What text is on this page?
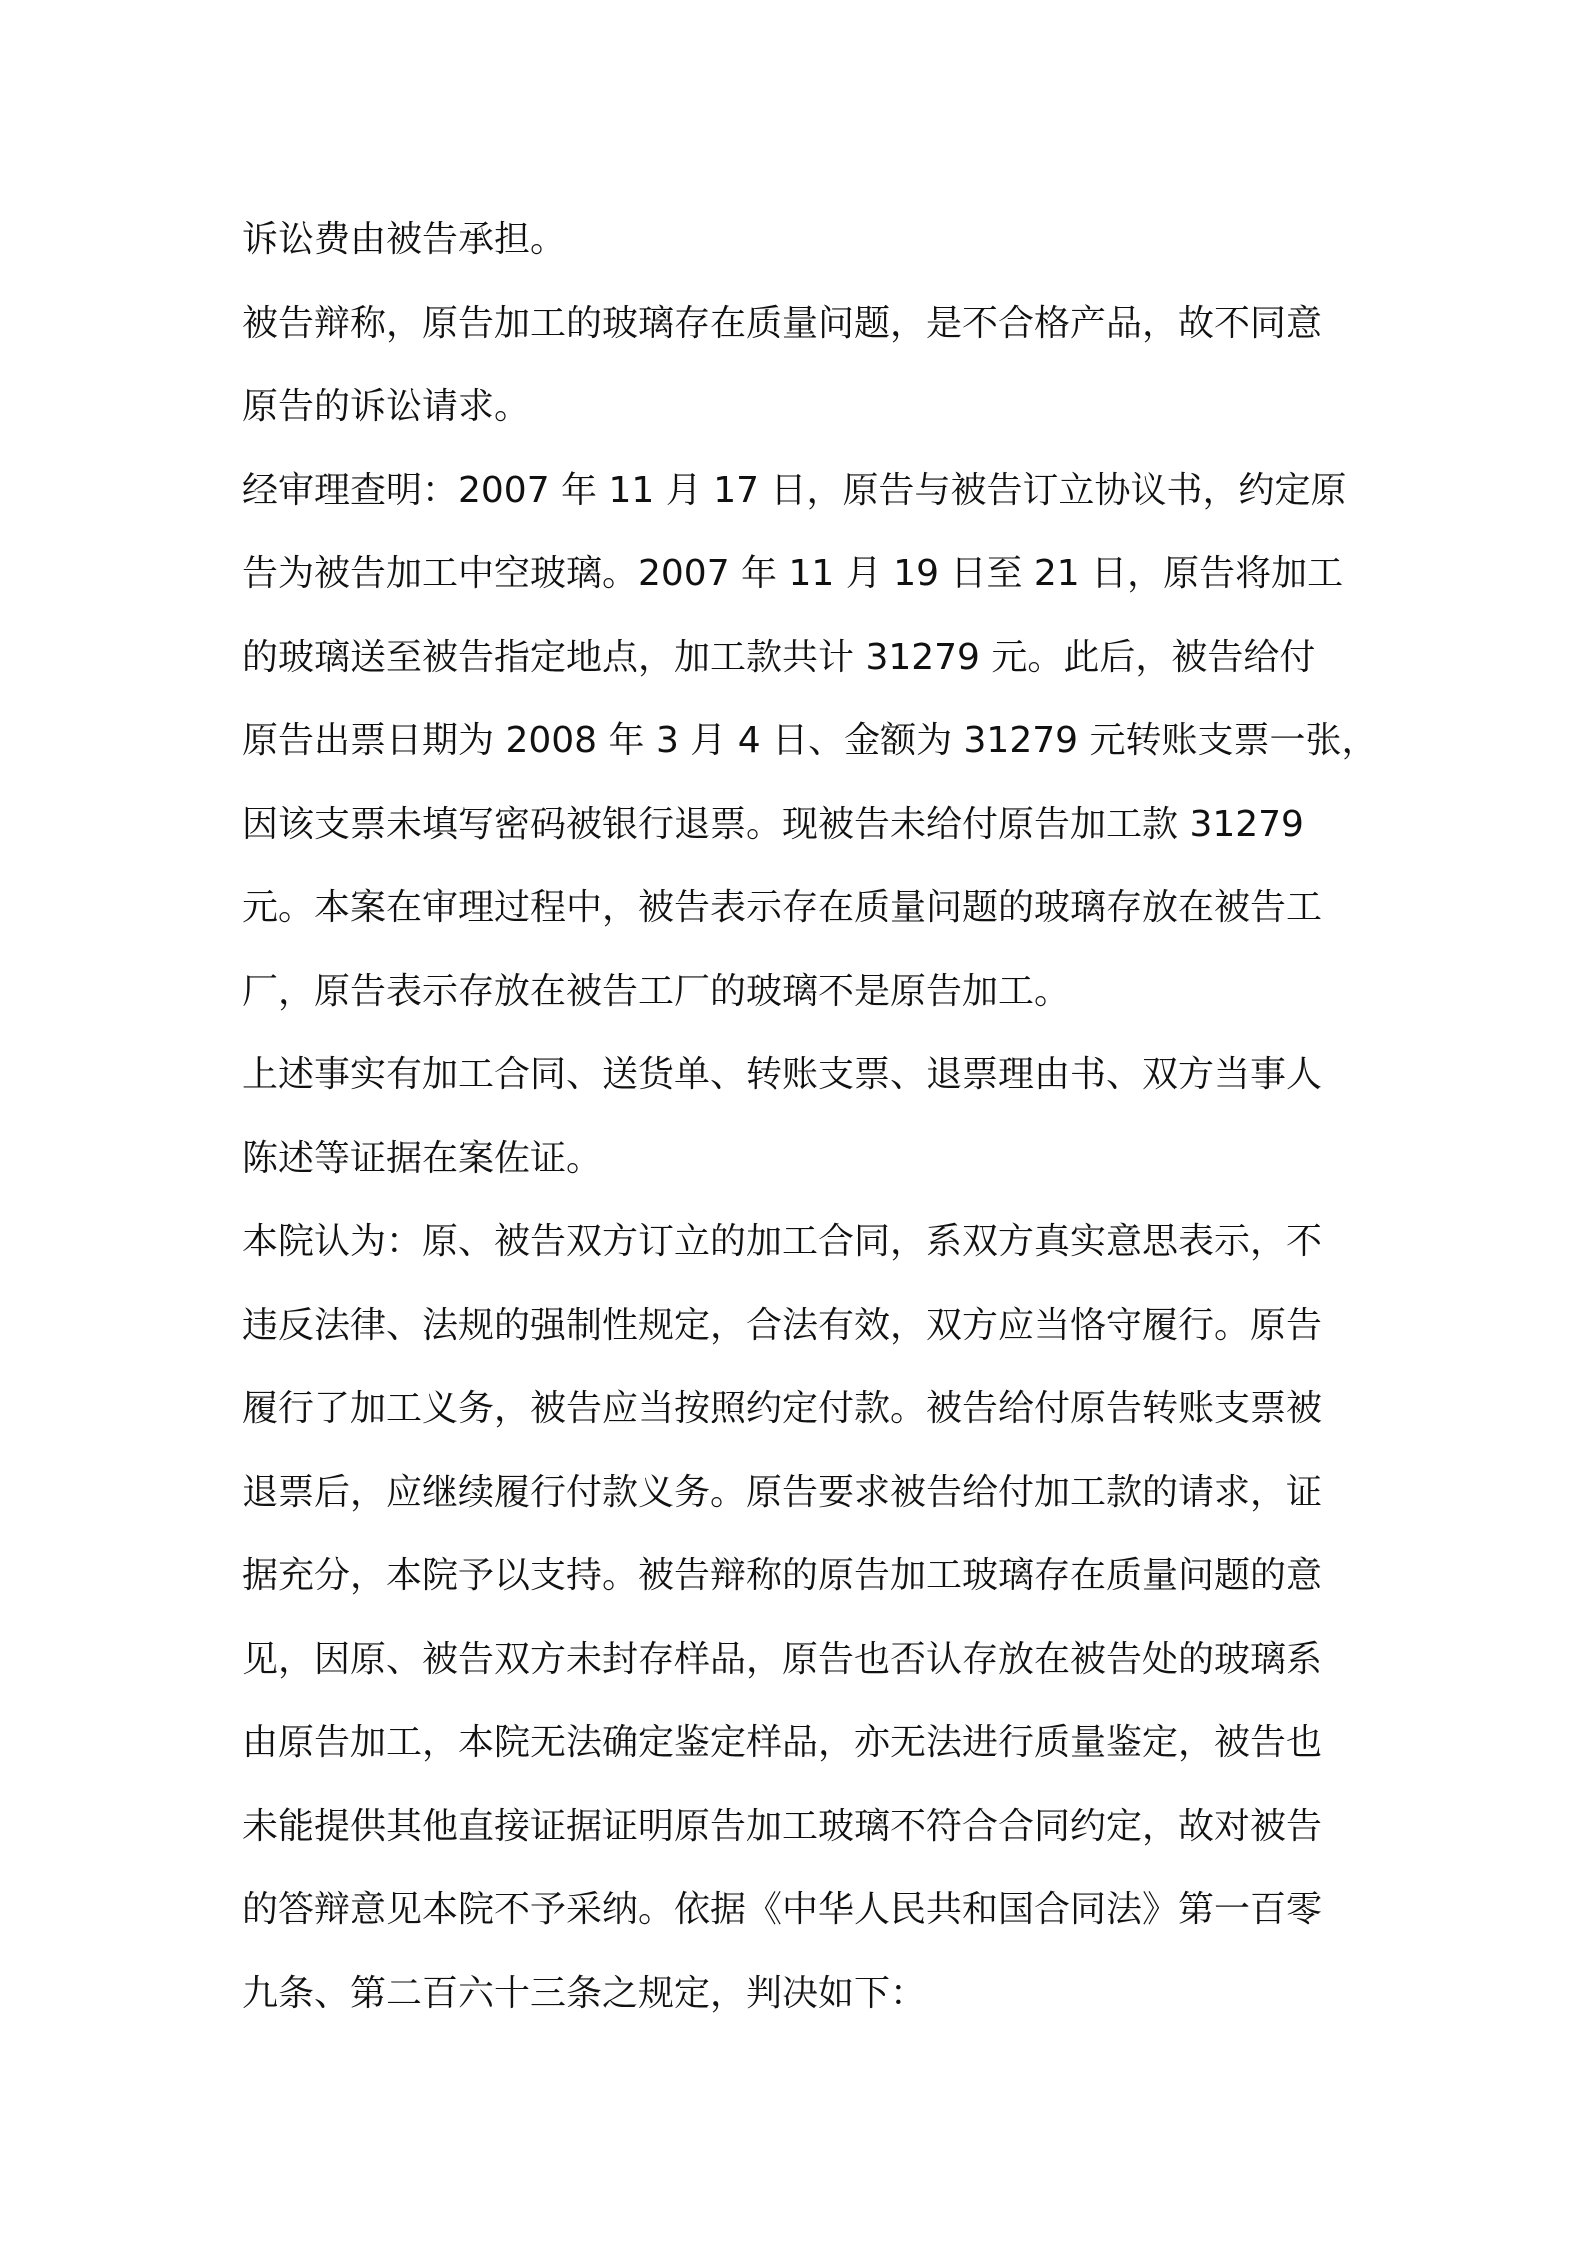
诉讼费由被告承担。
被告辩称，原告加工的玻璃存在质量问题，是不合格产品，故不同意
原告的诉讼请求。
经审理查明：2007 年 11 月 17 日，原告与被告订立协议书，约定原
告为被告加工中空玻璃。2007 年 11 月 19 日至 21 日，原告将加工
的玻璃送至被告指定地点，加工款共计 31279 元。此后，被告给付
原告出票日期为 2008 年 3 月 4 日、金额为 31279 元转账支票一张，
因该支票未填写密码被银行退票。现被告未给付原告加工款 31279
元。本案在审理过程中，被告表示存在质量问题的玻璃存放在被告工
厂，原告表示存放在被告工厂的玻璃不是原告加工。
上述事实有加工合同、送货单、转账支票、退票理由书、双方当事人
陈述等证据在案佐证。
本院认为：原、被告双方订立的加工合同，系双方真实意思表示，不
违反法律、法规的强制性规定，合法有效，双方应当恪守履行。原告
履行了加工义务，被告应当按照约定付款。被告给付原告转账支票被
退票后，应继续履行付款义务。原告要求被告给付加工款的请求，证
据充分，本院予以支持。被告辩称的原告加工玻璃存在质量问题的意
见，因原、被告双方未封存样品，原告也否认存放在被告处的玻璃系
由原告加工，本院无法确定鉴定样品，亦无法进行质量鉴定，被告也
未能提供其他直接证据证明原告加工玻璃不符合合同约定，故对被告
的答辩意见本院不予采纳。依据《中华人民共和国合同法》第一百零
九条、第二百六十三条之规定，判决如下：
